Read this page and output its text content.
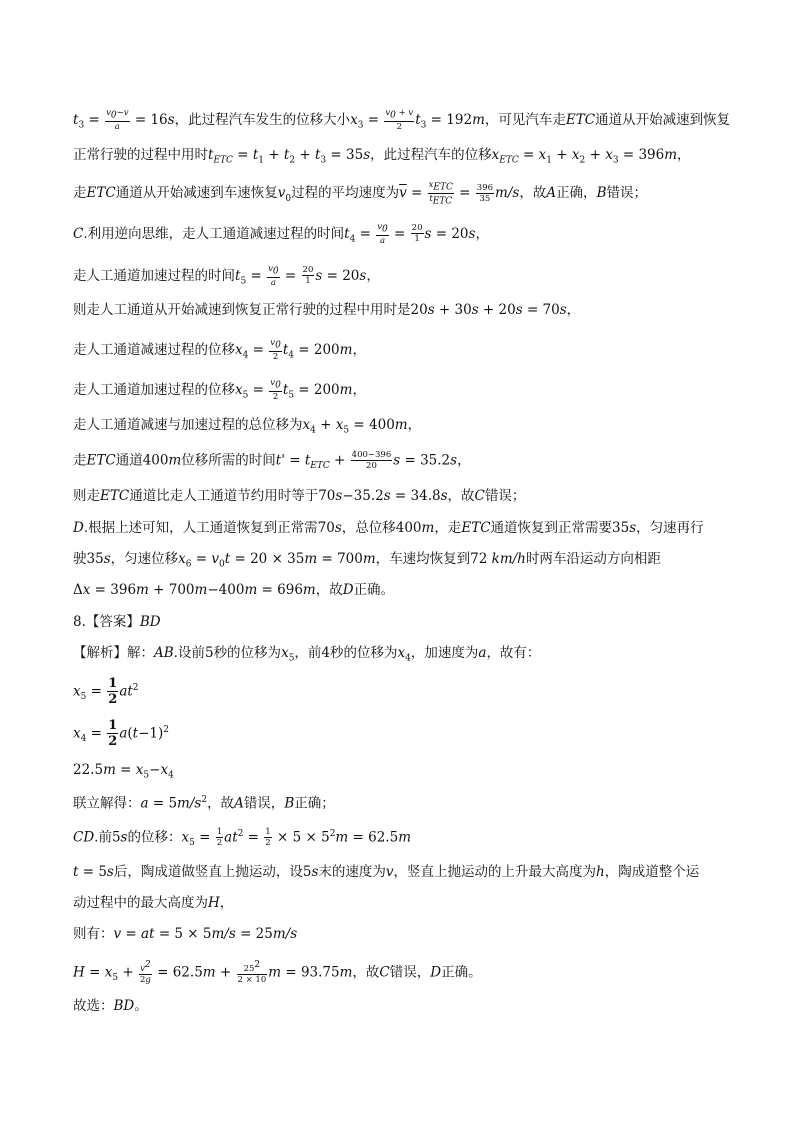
$t_3 = \frac{v_0-v}{a} = 16s$，此过程汽车发生的位移大小$x_3 = \frac{v_0 + v}{2} t_3 = 192m$，可见汽车走ETC通道从开始减速到恢复
正常行驶的过程中用时$t_{ETC} = t_1 + t_2 + t_3 = 35s$，此过程汽车的位移$x_{ETC} = x_1 + x_2 + x_3 = 396m$，
走ETC通道从开始减速到车速恢复$v_0$过程的平均速度为$\overline{v} = \frac{x_{ETC}}{t_{ETC}} = \frac{396}{35} m/s$，故A正确，B错误；
C.利用逆向思维，走人工通道减速过程的时间$t_4 = \frac{v_0}{a} = \frac{20}{1}$ s = 20s，
走人工通道加速过程的时间$t_5 = \frac{v_0}{a} = \frac{20}{1}$ s = 20s，
则走人工通道从开始减速到恢复正常行驶的过程中用时是20s + 30s + 20s = 70s，
走人工通道减速过程的位移$x_4 = \frac{v_0}{2} t_4 = 200m$，
走人工通道加速过程的位移$x_5 = \frac{v_0}{2} t_5 = 200m$，
走人工通道减速与加速过程的总位移为$x_4 + x_5 = 400m$，
走ETC通道400m位移所需的时间$t' = t_{ETC} + \frac{400-396}{20}$ s = 35.2s，
则走ETC通道比走人工通道节约用时等于70s−35.2s = 34.8s，故C错误；
D.根据上述可知，人工通道恢复到正常需70s，总位移400m，走ETC通道恢复到正常需要35s，匀速再行
驶35s，匀速位移$x_6 = v_0t = 20 \times 35m = 700m$，车速均恢复到72 km/h时两车沿运动方向相距
Δx = 396m + 700m−400m = 696m，故D正确。
8.【答案】BD
【解析】解：AB.设前5秒的位移为$x_5$，前4秒的位移为$x_4$，加速度为a，故有：
$x_5 = \frac{1}{2} at^2$
$x_4 = \frac{1}{2} a(t-1)^2$
$22.5m = x_5-x_4$
联立解得：$a = 5m/s^2$，故A错误，B正确；
CD.前5s的位移：$x_5 = \frac{1}{2} at^2 = \frac{1}{2} \times 5 \times 5^2m = 62.5m$
t = 5s后，陶成道做竖直上抛运动，设5s末的速度为v，竖直上抛运动的上升最大高度为h，陶成道整个运
动过程中的最大高度为H，
则有：v = at = 5 × 5m/s = 25m/s
$H = x_5 + \frac{v^2}{2g} = 62.5m + \frac{25^2}{2 \times 10}$ m = 93.75m，故C错误，D正确。
故选：BD。
